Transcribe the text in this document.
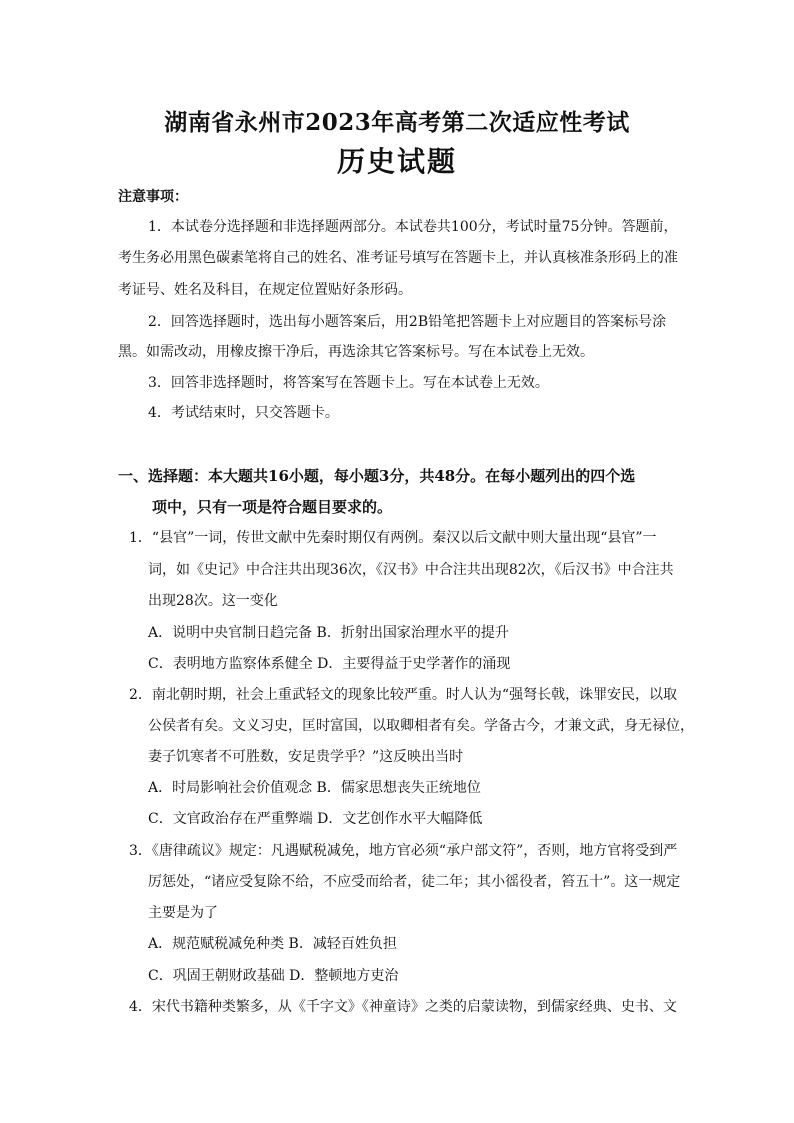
湖南省永州市2023年高考第二次适应性考试
历史试题
注意事项：
1．本试卷分选择题和非选择题两部分。本试卷共100分，考试时量75分钟。答题前，
考生务必用黑色碳素笔将自己的姓名、准考证号填写在答题卡上，并认真核准条形码上的准
考证号、姓名及科目，在规定位置贴好条形码。
2．回答选择题时，选出每小题答案后，用2B铅笔把答题卡上对应题目的答案标号涂
黑。如需改动，用橡皮擦干净后，再选涂其它答案标号。写在本试卷上无效。
3．回答非选择题时，将答案写在答题卡上。写在本试卷上无效。
4．考试结束时，只交答题卡。
一、选择题：本大题共16小题，每小题3分，共48分。在每小题列出的四个选
项中，只有一项是符合题目要求的。
1．“县官”一词，传世文献中先秦时期仅有两例。秦汉以后文献中则大量出现“县官”一
词，如《史记》中合注共出现36次，《汉书》中合注共出现82次，《后汉书》中合注共
出现28次。这一变化
A．说明中央官制日趋完备 B．折射出国家治理水平的提升
C．表明地方监察体系健全 D．主要得益于史学著作的涌现
2．南北朝时期，社会上重武轻文的现象比较严重。时人认为“强弩长戟，诛罪安民，以取
公侯者有矣。文义习史，匡时富国，以取卿相者有矣。学备古今，才兼文武，身无禄位，
妻子饥寒者不可胜数，安足贵学乎？”这反映出当时
A．时局影响社会价值观念 B．儒家思想丧失正统地位
C．文官政治存在严重弊端 D．文艺创作水平大幅降低
3．《唐律疏议》规定：凡遇赋税减免，地方官必须“承户部文符”，否则，地方官将受到严
厉惩处，“诸应受复除不给，不应受而给者，徒二年；其小徭役者，笞五十”。这一规定
主要是为了
A．规范赋税减免种类 B．减轻百姓负担
C．巩固王朝财政基础 D．整顿地方吏治
4．宋代书籍种类繁多，从《千字文》《神童诗》之类的启蒙读物，到儒家经典、史书、文
